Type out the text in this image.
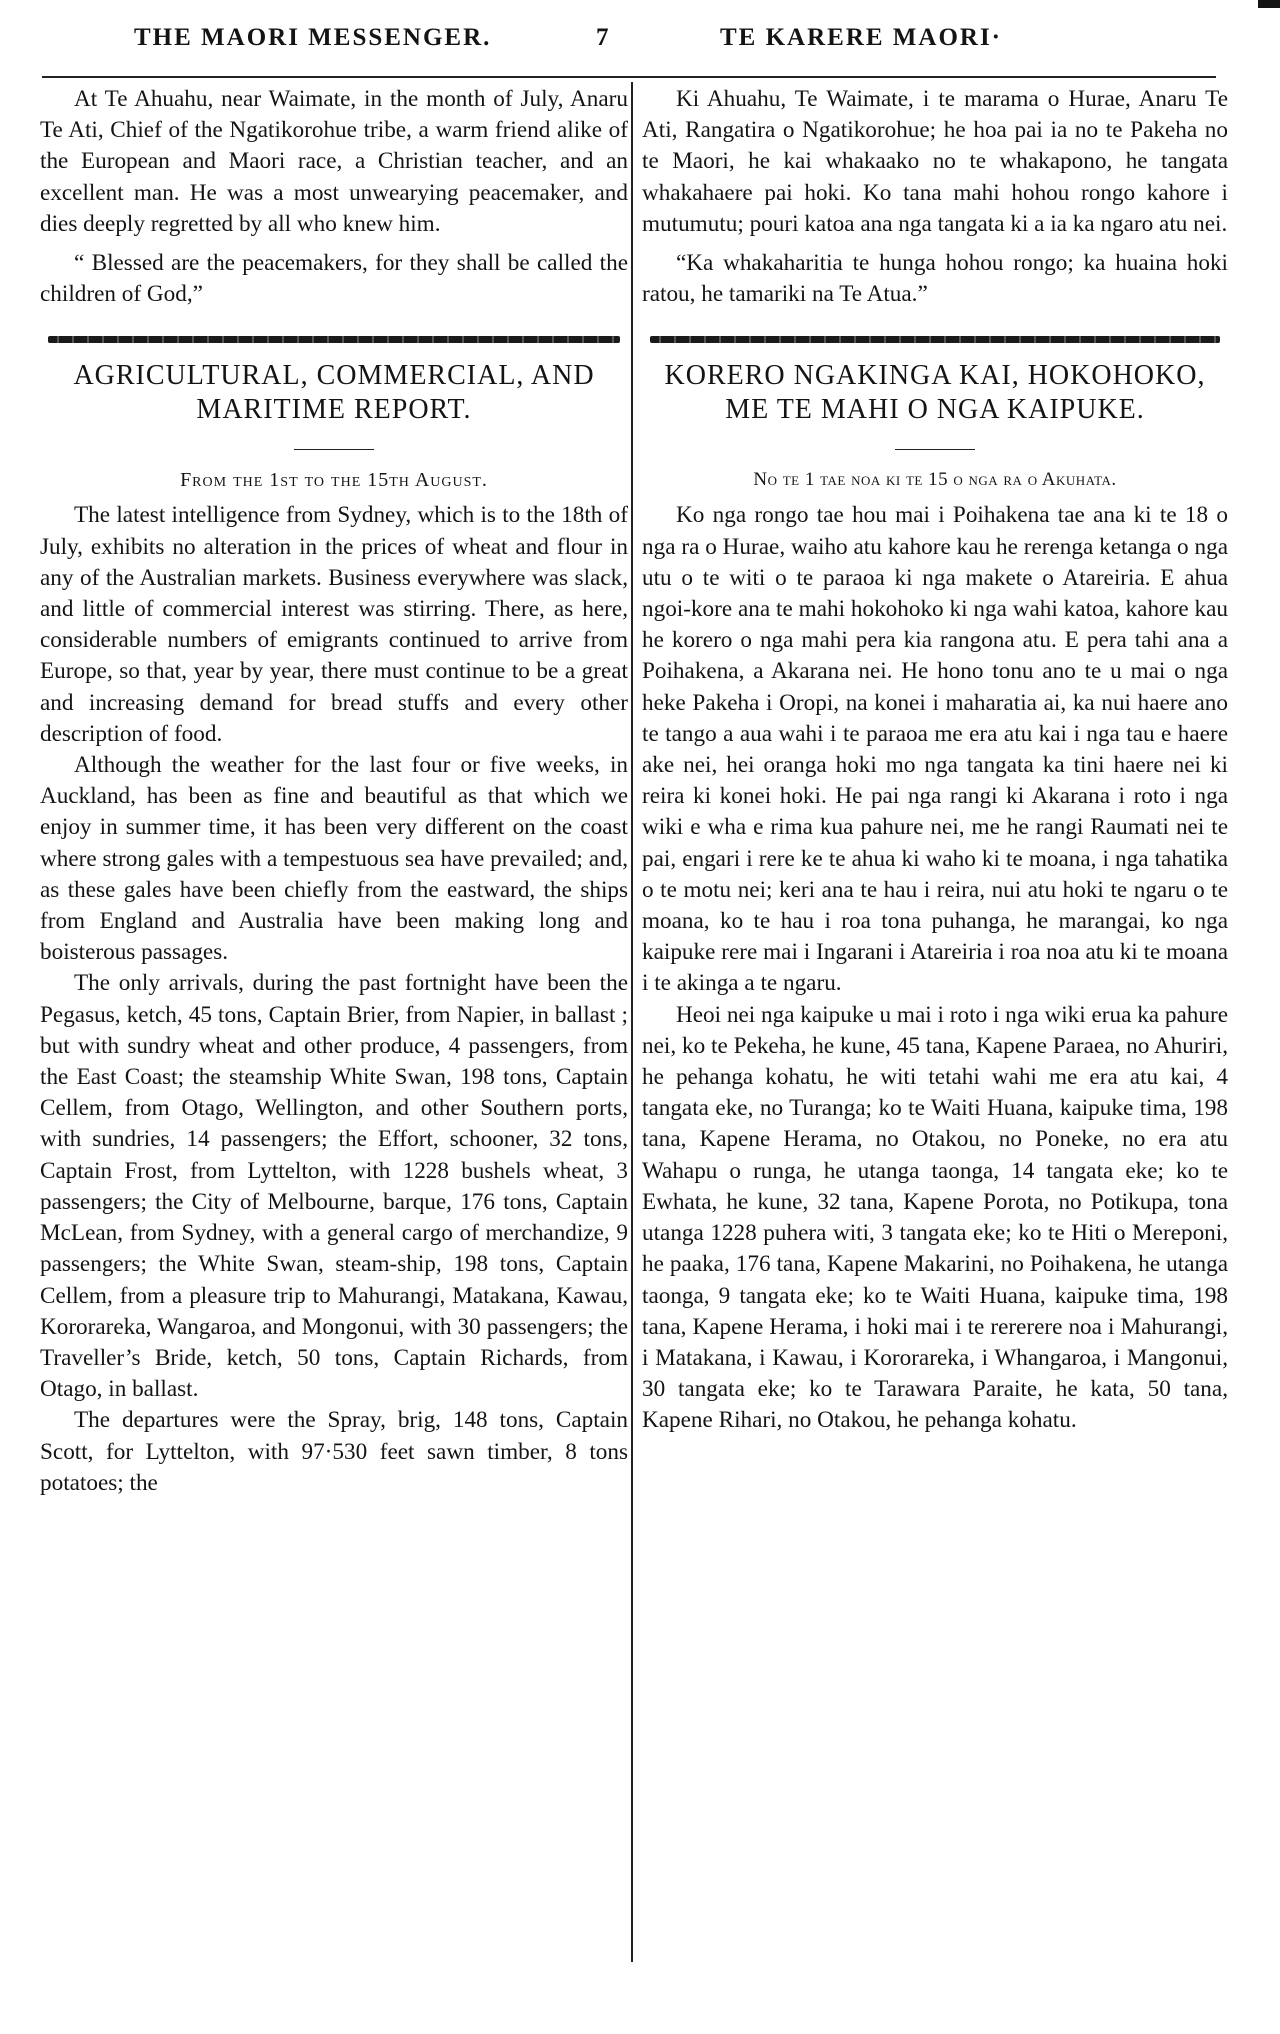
THE MAORI MESSENGER.	7	TE KARERE MAORI·

At Te Ahuahu, near Waimate, in the month of July, Anaru Te Ati, Chief of the Ngatikorohue tribe, a warm friend alike of the European and Maori race, a Christian teacher, and an excellent man. He was a most unwearying peacemaker, and dies deeply regretted by all who knew him.

“ Blessed are the peacemakers, for they shall be called the children of God,”

AGRICULTURAL, COMMERCIAL, AND
MARITIME REPORT.
From the 1st to the 15th August.

The latest intelligence from Sydney, which is to the 18th of July, exhibits no alteration in the prices of wheat and flour in any of the Australian markets. Business everywhere was slack, and little of commercial interest was stirring. There, as here, considerable numbers of emigrants continued to arrive from Europe, so that, year by year, there must continue to be a great and increasing demand for bread stuffs and every other description of food.

Although the weather for the last four or five weeks, in Auckland, has been as fine and beautiful as that which we enjoy in summer time, it has been very different on the coast where strong gales with a tempestuous sea have prevailed; and, as these gales have been chiefly from the eastward, the ships from England and Australia have been making long and boisterous passages.

The only arrivals, during the past fortnight have been the Pegasus, ketch, 45 tons, Captain Brier, from Napier, in ballast ; but with sundry wheat and other produce, 4 passengers, from the East Coast; the steamship White Swan, 198 tons, Captain Cellem, from Otago, Wellington, and other Southern ports, with sundries, 14 passengers; the Effort, schooner, 32 tons, Captain Frost, from Lyttelton, with 1228 bushels wheat, 3 passengers; the City of Melbourne, barque, 176 tons, Captain McLean, from Sydney, with a general cargo of merchandize, 9 passengers; the White Swan, steam-ship, 198 tons, Captain Cellem, from a pleasure trip to Mahurangi, Matakana, Kawau, Kororareka, Wangaroa, and Mongonui, with 30 passengers; the Traveller’s Bride, ketch, 50 tons, Captain Richards, from Otago, in ballast.

The departures were the Spray, brig, 148 tons, Captain Scott, for Lyttelton, with 97·530 feet sawn timber, 8 tons potatoes; the

Ki Ahuahu, Te Waimate, i te marama o Hurae, Anaru Te Ati, Rangatira o Ngatikorohue; he hoa pai ia no te Pakeha no te Maori, he kai whakaako no te whakapono, he tangata whakahaere pai hoki. Ko tana mahi hohou rongo kahore i mutumutu; pouri katoa ana nga tangata ki a ia ka ngaro atu nei.

“Ka whakaharitia te hunga hohou rongo; ka huaina hoki ratou, he tamariki na Te Atua.”

KORERO NGAKINGA KAI, HOKOHOKO,
ME TE MAHI O NGA KAIPUKE.
No te 1 tae noa ki te 15 o nga ra o Akuhata.

Ko nga rongo tae hou mai i Poihakena tae ana ki te 18 o nga ra o Hurae, waiho atu kahore kau he rerenga ketanga o nga utu o te witi o te paraoa ki nga makete o Atareiria. E ahua ngoi-kore ana te mahi hokohoko ki nga wahi katoa, kahore kau he korero o nga mahi pera kia rangona atu. E pera tahi ana a Poihakena, a Akarana nei. He hono tonu ano te u mai o nga heke Pakeha i Oropi, na konei i maharatia ai, ka nui haere ano te tango a aua wahi i te paraoa me era atu kai i nga tau e haere ake nei, hei oranga hoki mo nga tangata ka tini haere nei ki reira ki konei hoki. He pai nga rangi ki Akarana i roto i nga wiki e wha e rima kua pahure nei, me he rangi Raumati nei te pai, engari i rere ke te ahua ki waho ki te moana, i nga tahatika o te motu nei; keri ana te hau i reira, nui atu hoki te ngaru o te moana, ko te hau i roa tona puhanga, he marangai, ko nga kaipuke rere mai i Ingarani i Atareiria i roa noa atu ki te moana i te akinga a te ngaru.

Heoi nei nga kaipuke u mai i roto i nga wiki erua ka pahure nei, ko te Pekeha, he kune, 45 tana, Kapene Paraea, no Ahuriri, he pehanga kohatu, he witi tetahi wahi me era atu kai, 4 tangata eke, no Turanga; ko te Waiti Huana, kaipuke tima, 198 tana, Kapene Herama, no Otakou, no Poneke, no era atu Wahapu o runga, he utanga taonga, 14 tangata eke; ko te Ewhata, he kune, 32 tana, Kapene Porota, no Potikupa, tona utanga 1228 puhera witi, 3 tangata eke; ko te Hiti o Mereponi, he paaka, 176 tana, Kapene Makarini, no Poihakena, he utanga taonga, 9 tangata eke; ko te Waiti Huana, kaipuke tima, 198 tana, Kapene Herama, i hoki mai i te rererere noa i Mahurangi, i Matakana, i Kawau, i Kororareka, i Whangaroa, i Mangonui, 30 tangata eke; ko te Tarawara Paraite, he kata, 50 tana, Kapene Rihari, no Otakou, he pehanga kohatu.
